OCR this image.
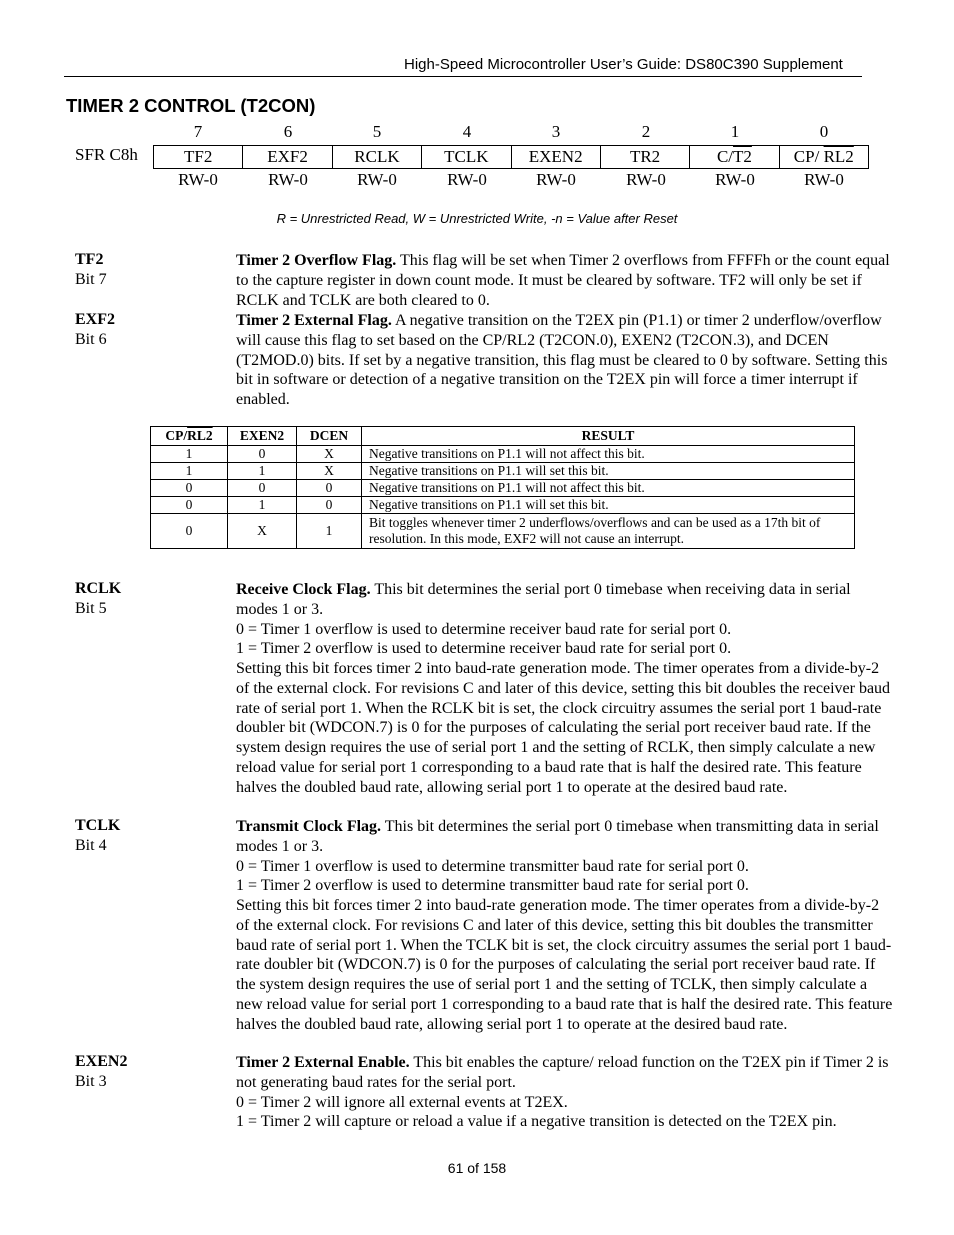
High-Speed Microcontroller User’s Guide: DS80C390 Supplement
TIMER 2 CONTROL (T2CON)
7	6	5	4	3	2	1	0
SFR C8h	TF2	EXF2	RCLK	TCLK	EXEN2	TR2	C/T2	CP/ RL2
RW-0	RW-0	RW-0	RW-0	RW-0	RW-0	RW-0	RW-0
R = Unrestricted Read, W = Unrestricted Write, -n = Value after Reset
TF2
Bit 7
Timer 2 Overflow Flag. This flag will be set when Timer 2 overflows from FFFFh or the count equal to the capture register in down count mode. It must be cleared by software. TF2 will only be set if RCLK and TCLK are both cleared to 0.
EXF2
Bit 6
Timer 2 External Flag. A negative transition on the T2EX pin (P1.1) or timer 2 underflow/overflow will cause this flag to set based on the CP/RL2 (T2CON.0), EXEN2 (T2CON.3), and DCEN (T2MOD.0) bits. If set by a negative transition, this flag must be cleared to 0 by software. Setting this bit in software or detection of a negative transition on the T2EX pin will force a timer interrupt if enabled.
CP/RL2	EXEN2	DCEN	RESULT
1	0	X	Negative transitions on P1.1 will not affect this bit.
1	1	X	Negative transitions on P1.1 will set this bit.
0	0	0	Negative transitions on P1.1 will not affect this bit.
0	1	0	Negative transitions on P1.1 will set this bit.
0	X	1	Bit toggles whenever timer 2 underflows/overflows and can be used as a 17th bit of resolution. In this mode, EXF2 will not cause an interrupt.
RCLK
Bit 5
Receive Clock Flag. This bit determines the serial port 0 timebase when receiving data in serial modes 1 or 3.
0 = Timer 1 overflow is used to determine receiver baud rate for serial port 0.
1 = Timer 2 overflow is used to determine receiver baud rate for serial port 0.
Setting this bit forces timer 2 into baud-rate generation mode. The timer operates from a divide-by-2 of the external clock. For revisions C and later of this device, setting this bit doubles the receiver baud rate of serial port 1. When the RCLK bit is set, the clock circuitry assumes the serial port 1 baud-rate doubler bit (WDCON.7) is 0 for the purposes of calculating the serial port receiver baud rate. If the system design requires the use of serial port 1 and the setting of RCLK, then simply calculate a new reload value for serial port 1 corresponding to a baud rate that is half the desired rate. This feature halves the doubled baud rate, allowing serial port 1 to operate at the desired baud rate.
TCLK
Bit 4
Transmit Clock Flag. This bit determines the serial port 0 timebase when transmitting data in serial modes 1 or 3.
0 = Timer 1 overflow is used to determine transmitter baud rate for serial port 0.
1 = Timer 2 overflow is used to determine transmitter baud rate for serial port 0.
Setting this bit forces timer 2 into baud-rate generation mode. The timer operates from a divide-by-2 of the external clock. For revisions C and later of this device, setting this bit doubles the transmitter baud rate of serial port 1. When the TCLK bit is set, the clock circuitry assumes the serial port 1 baud-rate doubler bit (WDCON.7) is 0 for the purposes of calculating the serial port receiver baud rate. If the system design requires the use of serial port 1 and the setting of TCLK, then simply calculate a new reload value for serial port 1 corresponding to a baud rate that is half the desired rate. This feature halves the doubled baud rate, allowing serial port 1 to operate at the desired baud rate.
EXEN2
Bit 3
Timer 2 External Enable. This bit enables the capture/ reload function on the T2EX pin if Timer 2 is not generating baud rates for the serial port.
0 = Timer 2 will ignore all external events at T2EX.
1 = Timer 2 will capture or reload a value if a negative transition is detected on the T2EX pin.
61 of 158
